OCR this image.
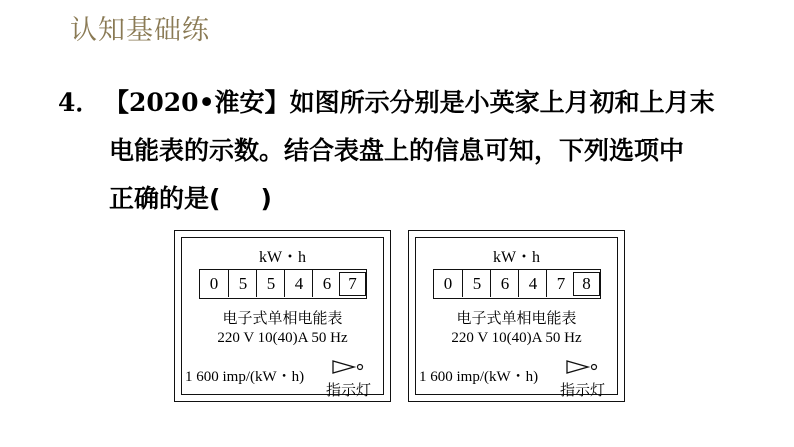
认知基础练
4． 【2020•淮安】如图所示分别是小英家上月初和上月末
电能表的示数。结合表盘上的信息可知，下列选项中
正确的是( )
kW・h
0	5	5	4	6	7
电子式单相电能表
220 V 10(40)A 50 Hz
1 600 imp/(kW・h)
指示灯
kW・h
0	5	6	4	7	8
电子式单相电能表
220 V 10(40)A 50 Hz
1 600 imp/(kW・h)
指示灯
